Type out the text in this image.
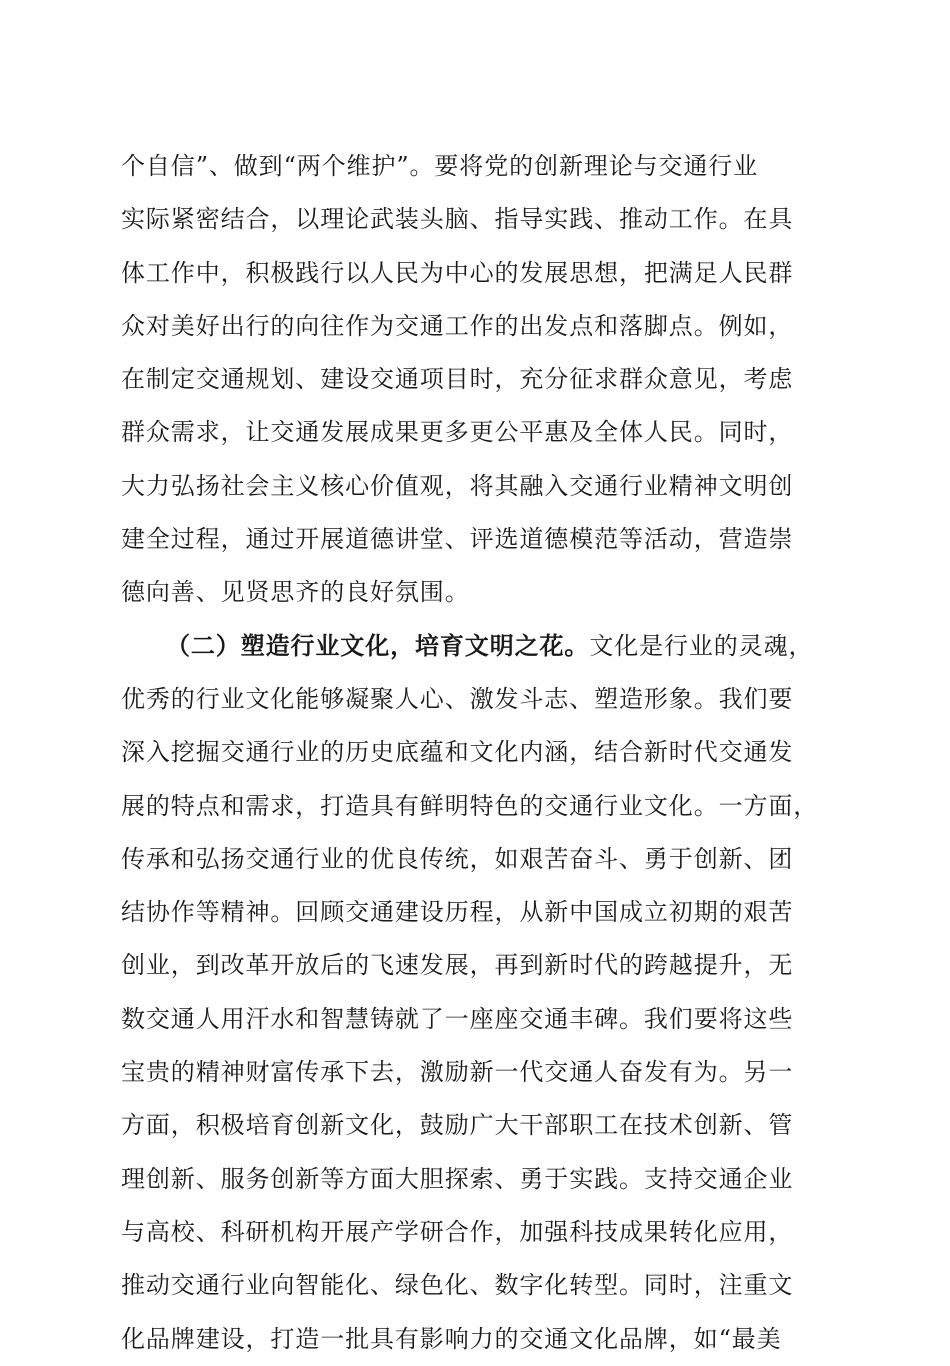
个自信”、做到“两个维护”。要将党的创新理论与交通行业
实际紧密结合，以理论武装头脑、指导实践、推动工作。在具
体工作中，积极践行以人民为中心的发展思想，把满足人民群
众对美好出行的向往作为交通工作的出发点和落脚点。例如，
在制定交通规划、建设交通项目时，充分征求群众意见，考虑
群众需求，让交通发展成果更多更公平惠及全体人民。同时，
大力弘扬社会主义核心价值观，将其融入交通行业精神文明创
建全过程，通过开展道德讲堂、评选道德模范等活动，营造崇
德向善、见贤思齐的良好氛围。
（二）塑造行业文化，培育文明之花。文化是行业的灵魂，
优秀的行业文化能够凝聚人心、激发斗志、塑造形象。我们要
深入挖掘交通行业的历史底蕴和文化内涵，结合新时代交通发
展的特点和需求，打造具有鲜明特色的交通行业文化。一方面，
传承和弘扬交通行业的优良传统，如艰苦奋斗、勇于创新、团
结协作等精神。回顾交通建设历程，从新中国成立初期的艰苦
创业，到改革开放后的飞速发展，再到新时代的跨越提升，无
数交通人用汗水和智慧铸就了一座座交通丰碑。我们要将这些
宝贵的精神财富传承下去，激励新一代交通人奋发有为。另一
方面，积极培育创新文化，鼓励广大干部职工在技术创新、管
理创新、服务创新等方面大胆探索、勇于实践。支持交通企业
与高校、科研机构开展产学研合作，加强科技成果转化应用，
推动交通行业向智能化、绿色化、数字化转型。同时，注重文
化品牌建设，打造一批具有影响力的交通文化品牌，如“最美
